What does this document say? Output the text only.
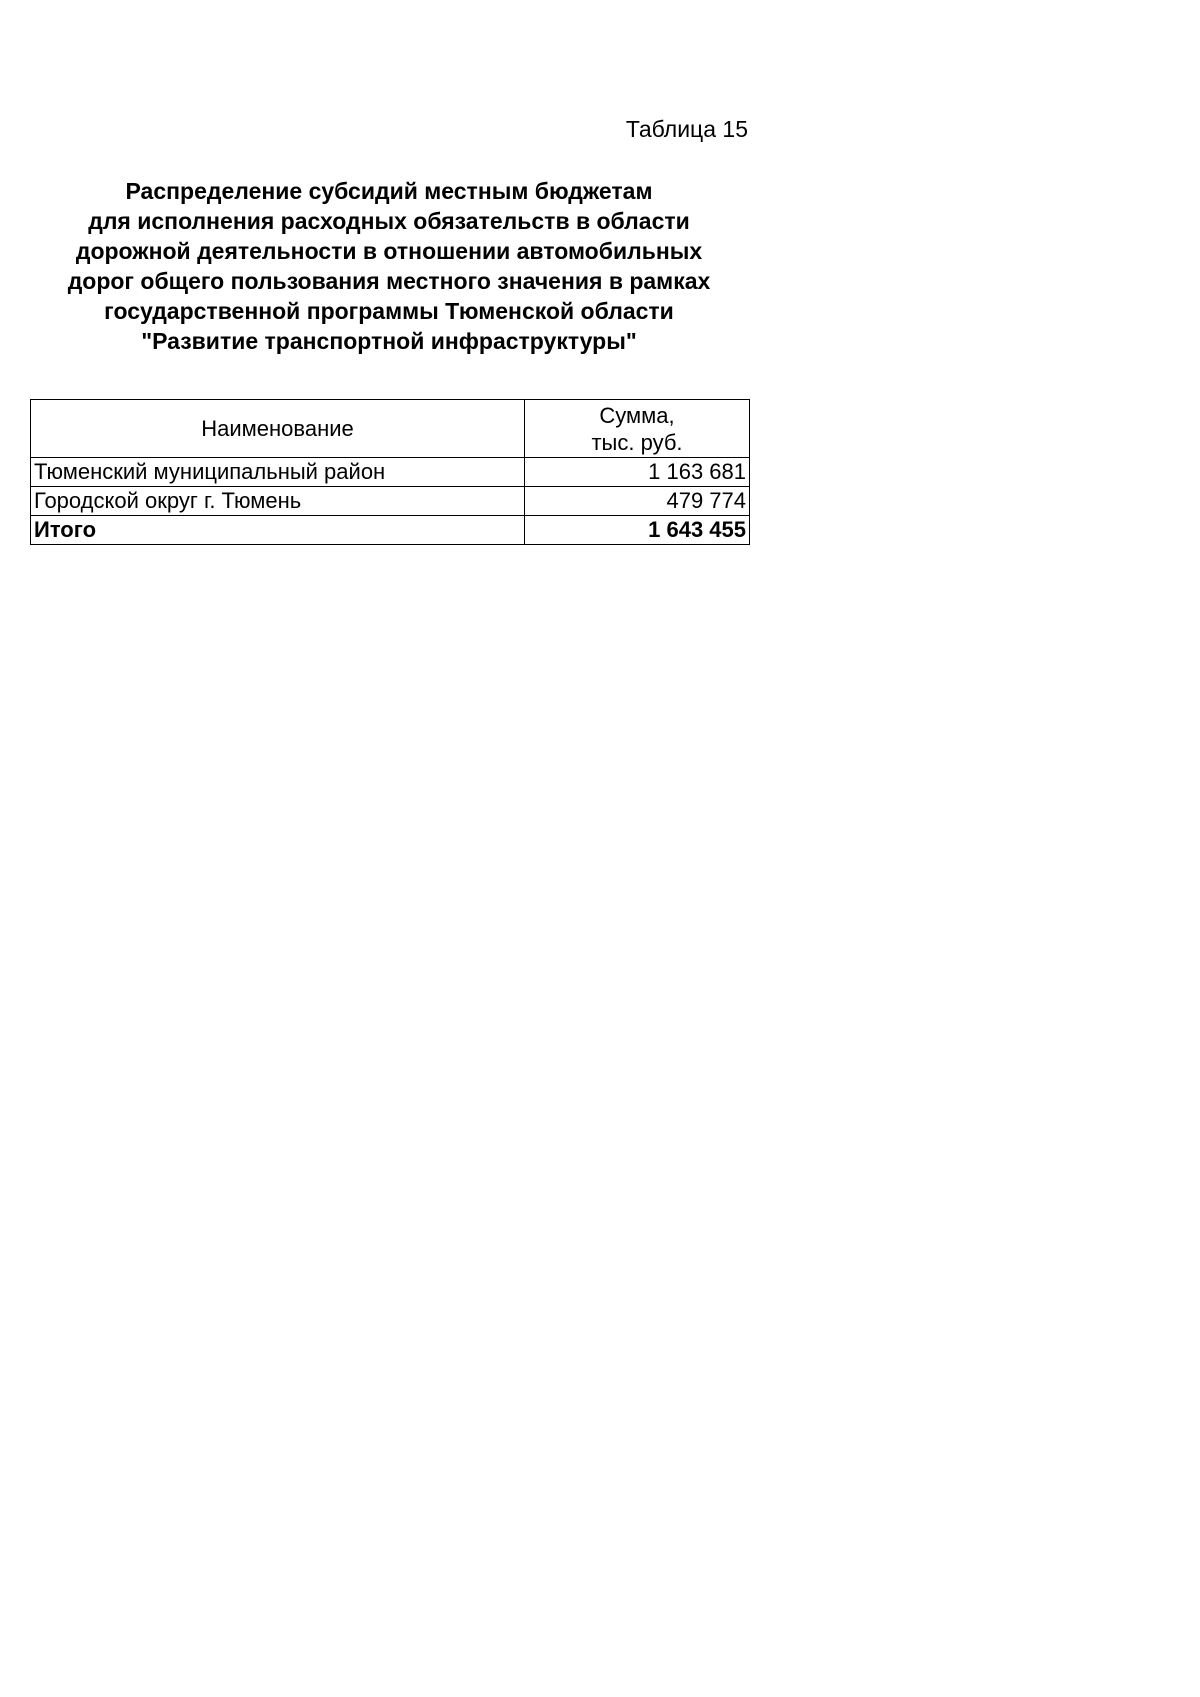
Таблица 15
Распределение субсидий местным бюджетам
для исполнения расходных обязательств в области
дорожной деятельности в отношении автомобильных
дорог общего пользования местного значения в рамках
государственной программы Тюменской области
"Развитие транспортной инфраструктуры"
Наименование	Сумма,
тыс. руб.

Тюменский муниципальный район	1 163 681
Городской округ г. Тюмень	479 774
Итого	1 643 455
